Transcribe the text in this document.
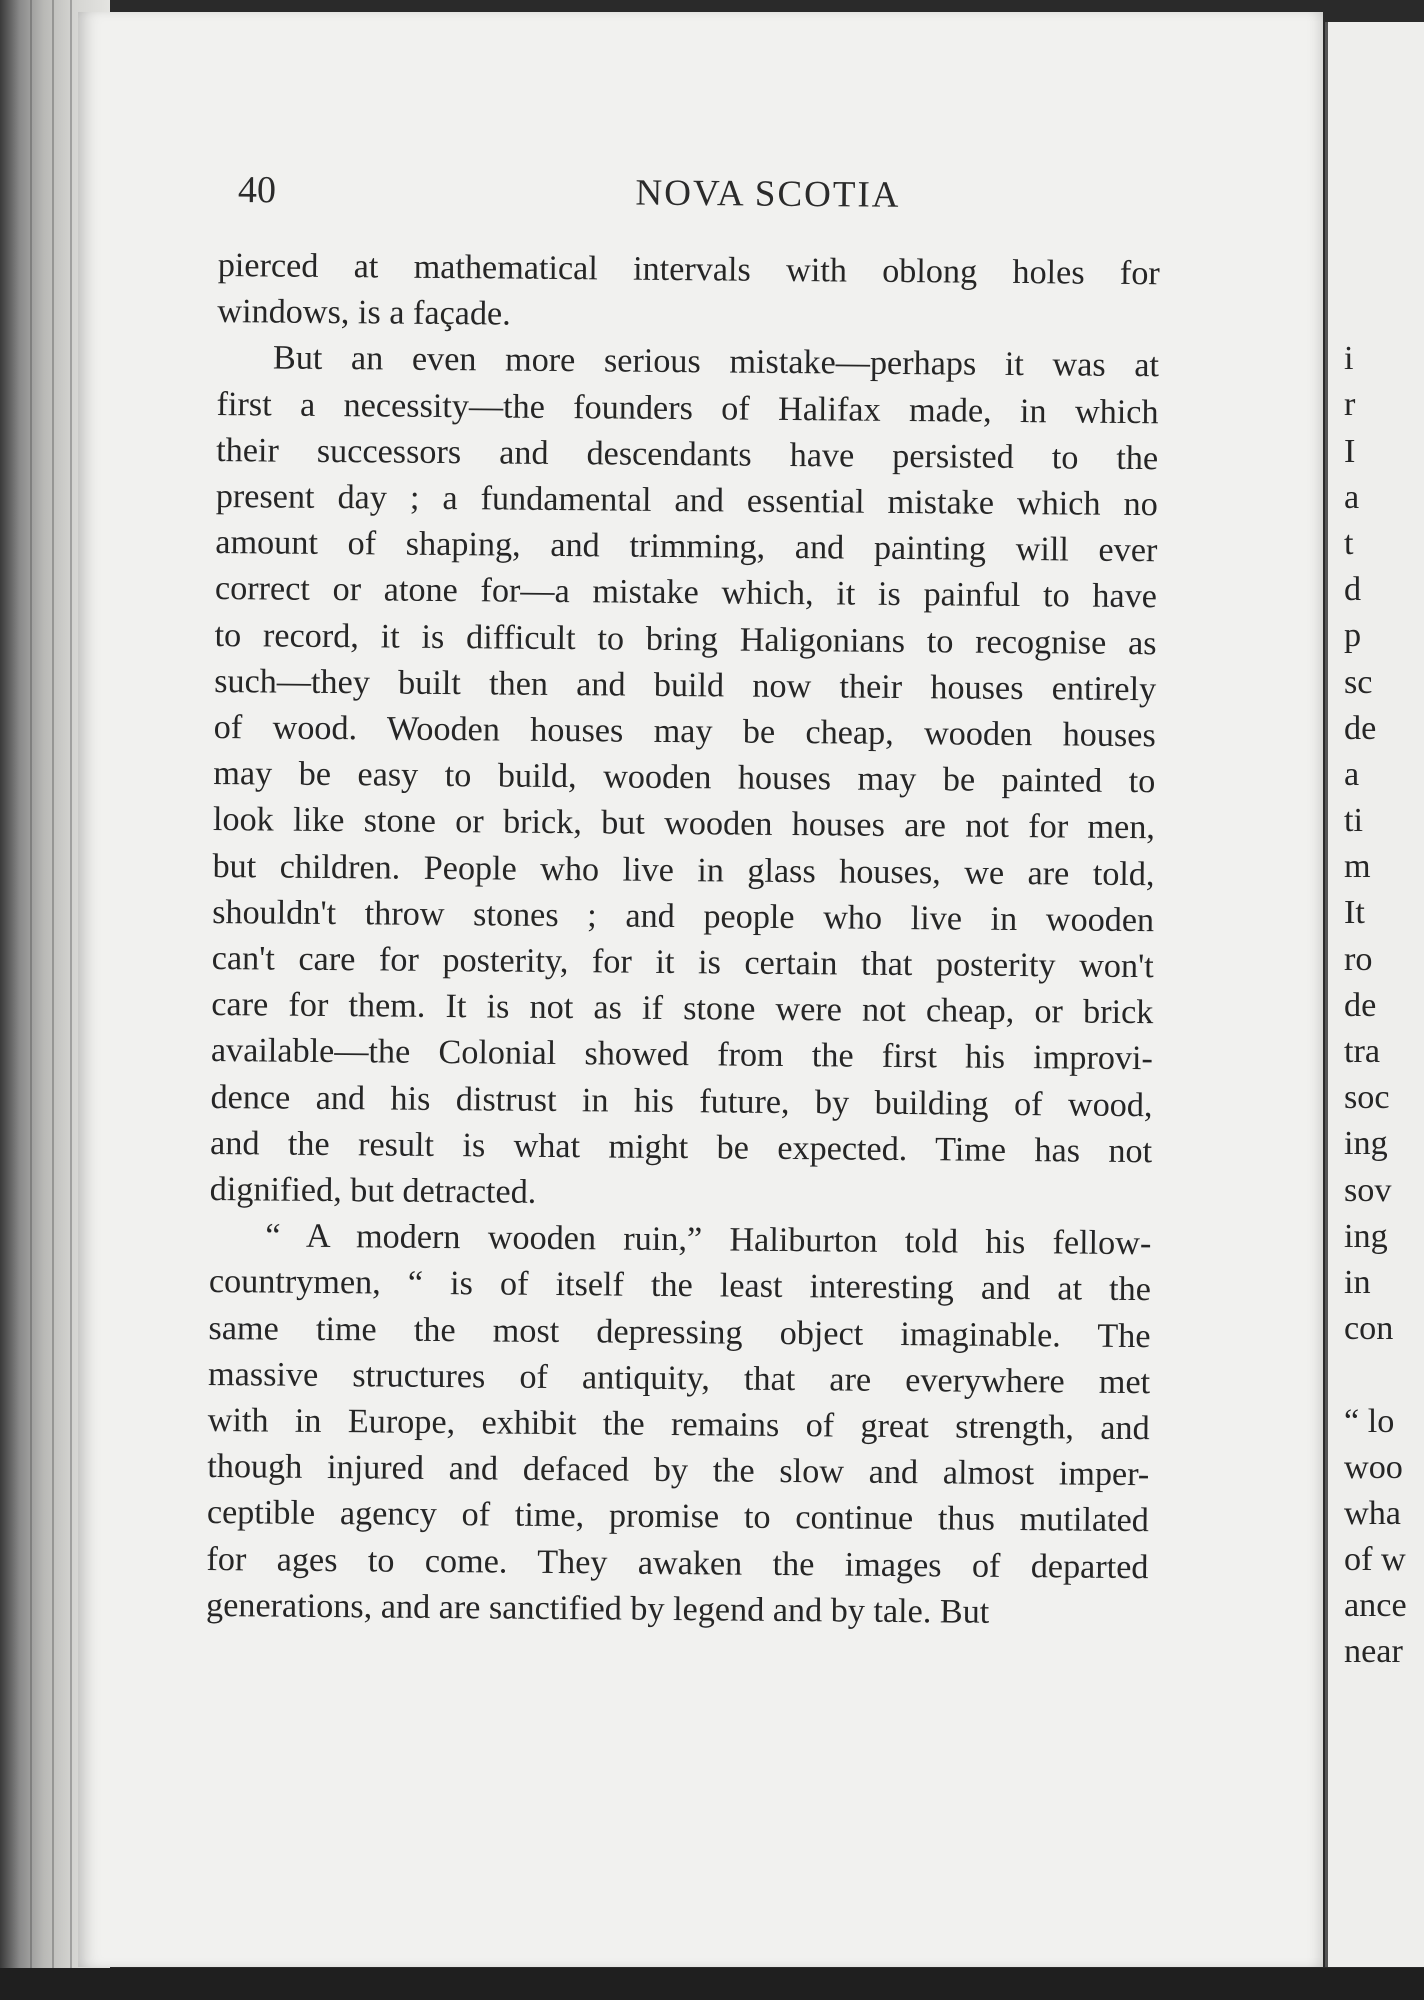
i
r
I
a
t
d
p
sc
de
a
ti
m
It
ro
de
tra
soc
ing
sov
ing
in
con
“ lo
woo
wha
of w
ance
near
40	NOVA SCOTIA

pierced at mathematical intervals with oblong holes for
windows, is a façade.

But an even more serious mistake—perhaps it was at
first a necessity—the founders of Halifax made, in which
their successors and descendants have persisted to the
present day ; a fundamental and essential mistake which no
amount of shaping, and trimming, and painting will ever
correct or atone for—a mistake which, it is painful to have
to record, it is difficult to bring Haligonians to recognise as
such—they built then and build now their houses entirely
of wood. Wooden houses may be cheap, wooden houses
may be easy to build, wooden houses may be painted to
look like stone or brick, but wooden houses are not for men,
but children. People who live in glass houses, we are told,
shouldn't throw stones ; and people who live in wooden
can't care for posterity, for it is certain that posterity won't
care for them. It is not as if stone were not cheap, or brick
available—the Colonial showed from the first his improvi-
dence and his distrust in his future, by building of wood,
and the result is what might be expected. Time has not
dignified, but detracted.

“ A modern wooden ruin,” Haliburton told his fellow-
countrymen, “ is of itself the least interesting and at the
same time the most depressing object imaginable. The
massive structures of antiquity, that are everywhere met
with in Europe, exhibit the remains of great strength, and
though injured and defaced by the slow and almost imper-
ceptible agency of time, promise to continue thus mutilated
for ages to come. They awaken the images of departed
generations, and are sanctified by legend and by tale. But
